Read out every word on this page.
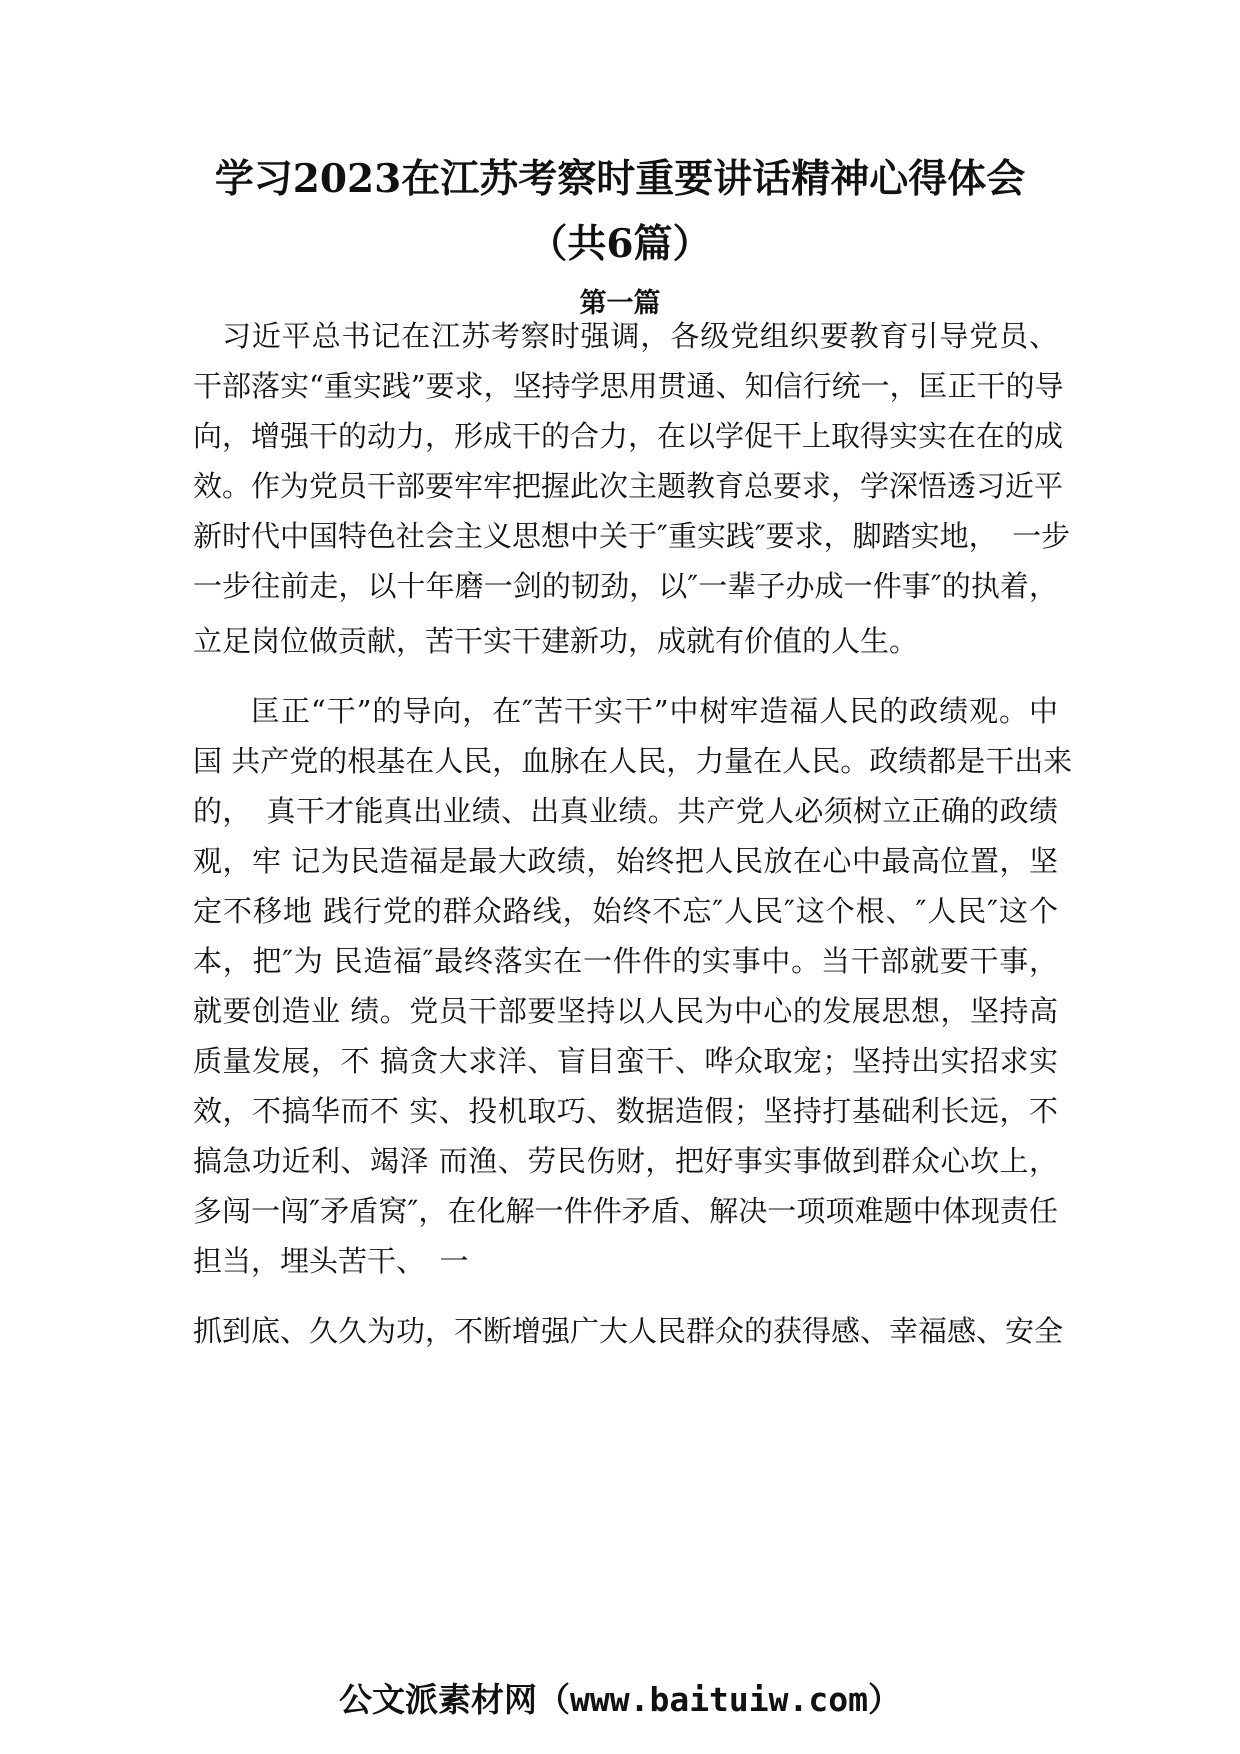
学习2023在江苏考察时重要讲话精神心得体会
（共6篇）
第一篇
习近平总书记在江苏考察时强调，各级党组织要教育引导党员、
干部落实“重实践”要求，坚持学思用贯通、知信行统一，匡正干的导
向，增强干的动力，形成干的合力，在以学促干上取得实实在在的成
效。作为党员干部要牢牢把握此次主题教育总要求，学深悟透习近平
新时代中国特色社会主义思想中关于″重实践″要求，脚踏实地，　一步
一步往前走，以十年磨一剑的韧劲，以″一辈子办成一件事″的执着，
立足岗位做贡献，苦干实干建新功，成就有价值的人生。
匡正“干”的导向，在″苦干实干”中树牢造福人民的政绩观。中
国 共产党的根基在人民，血脉在人民，力量在人民。政绩都是干出来
的，　真干才能真出业绩、出真业绩。共产党人必须树立正确的政绩
观，牢 记为民造福是最大政绩，始终把人民放在心中最高位置，坚
定不移地 践行党的群众路线，始终不忘″人民″这个根、″人民″这个
本，把″为 民造福″最终落实在一件件的实事中。当干部就要干事，
就要创造业 绩。党员干部要坚持以人民为中心的发展思想，坚持高
质量发展，不 搞贪大求洋、盲目蛮干、哗众取宠；坚持出实招求实
效，不搞华而不 实、投机取巧、数据造假；坚持打基础利长远，不
搞急功近利、竭泽 而渔、劳民伤财，把好事实事做到群众心坎上，
多闯一闯″矛盾窝″，在化解一件件矛盾、解决一项项难题中体现责任
担当，埋头苦干、　一
抓到底、久久为功，不断增强广大人民群众的获得感、幸福感、安全
公文派素材网（www.baituiw.com）
